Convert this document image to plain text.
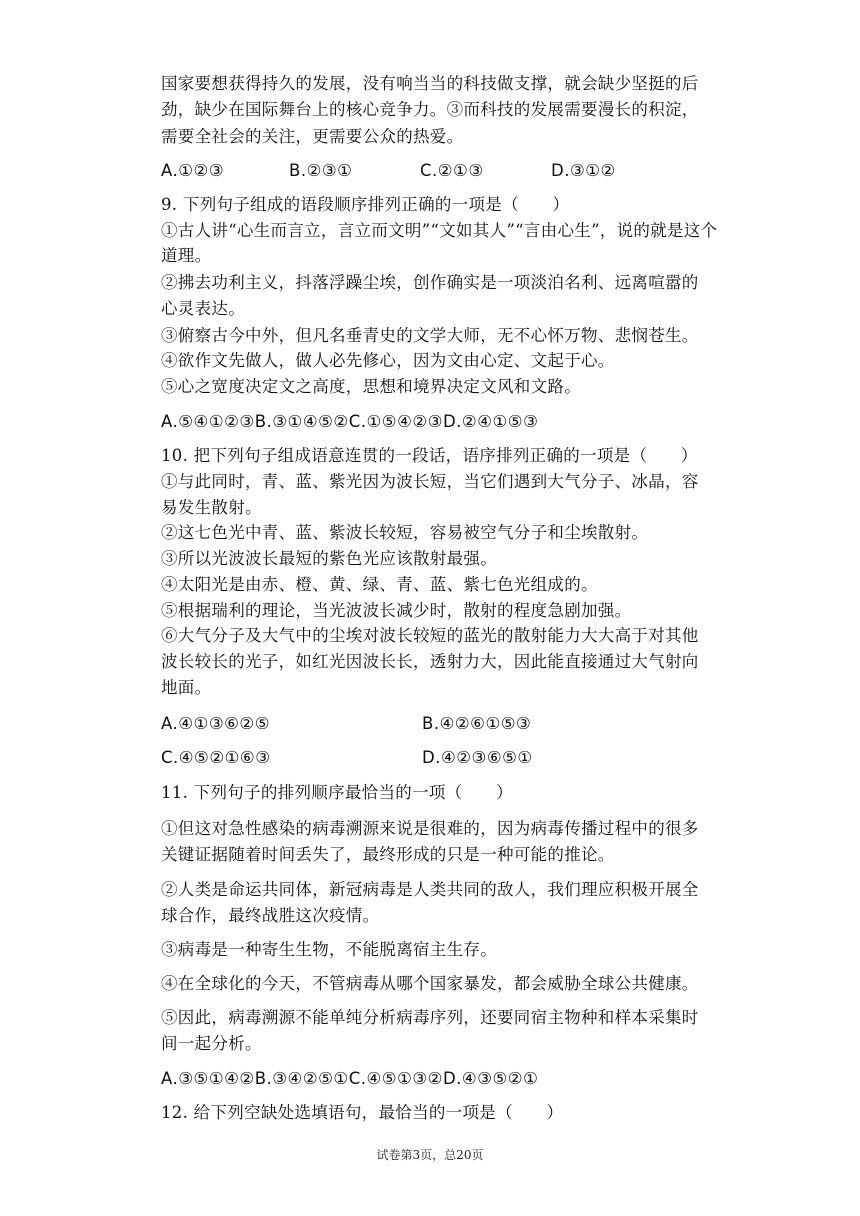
国家要想获得持久的发展，没有响当当的科技做支撑，就会缺少坚挺的后
劲，缺少在国际舞台上的核心竞争力。③而科技的发展需要漫长的积淀，
需要全社会的关注，更需要公众的热爱。
A.①②③	B.②③①	C.②①③	D.③①②
9. 下列句子组成的语段顺序排列正确的一项是（　　）
①古人讲“心生而言立，言立而文明”“文如其人”“言由心生”，说的就是这个
道理。
②拂去功利主义，抖落浮躁尘埃，创作确实是一项淡泊名利、远离喧嚣的
心灵表达。
③俯察古今中外，但凡名垂青史的文学大师，无不心怀万物、悲悯苍生。
④欲作文先做人，做人必先修心，因为文由心定、文起于心。
⑤心之宽度决定文之高度，思想和境界决定文风和文路。
A.⑤④①②③B.③①④⑤②C.①⑤④②③D.②④①⑤③
10. 把下列句子组成语意连贯的一段话，语序排列正确的一项是（　　）
①与此同时，青、蓝、紫光因为波长短，当它们遇到大气分子、冰晶，容
易发生散射。
②这七色光中青、蓝、紫波长较短，容易被空气分子和尘埃散射。
③所以光波波长最短的紫色光应该散射最强。
④太阳光是由赤、橙、黄、绿、青、蓝、紫七色光组成的。
⑤根据瑞利的理论，当光波波长减少时，散射的程度急剧加强。
⑥大气分子及大气中的尘埃对波长较短的蓝光的散射能力大大高于对其他
波长较长的光子，如红光因波长长，透射力大，因此能直接通过大气射向
地面。
A.④①③⑥②⑤	B.④②⑥①⑤③
C.④⑤②①⑥③	D.④②③⑥⑤①
11. 下列句子的排列顺序最恰当的一项（　　）
①但这对急性感染的病毒溯源来说是很难的，因为病毒传播过程中的很多
关键证据随着时间丢失了，最终形成的只是一种可能的推论。
②人类是命运共同体，新冠病毒是人类共同的敌人，我们理应积极开展全
球合作，最终战胜这次疫情。
③病毒是一种寄生生物，不能脱离宿主生存。
④在全球化的今天，不管病毒从哪个国家暴发，都会威胁全球公共健康。
⑤因此，病毒溯源不能单纯分析病毒序列，还要同宿主物种和样本采集时
间一起分析。
A.③⑤①④②B.③④②⑤①C.④⑤①③②D.④③⑤②①
12. 给下列空缺处选填语句，最恰当的一项是（　　）
试卷第3页，总20页
